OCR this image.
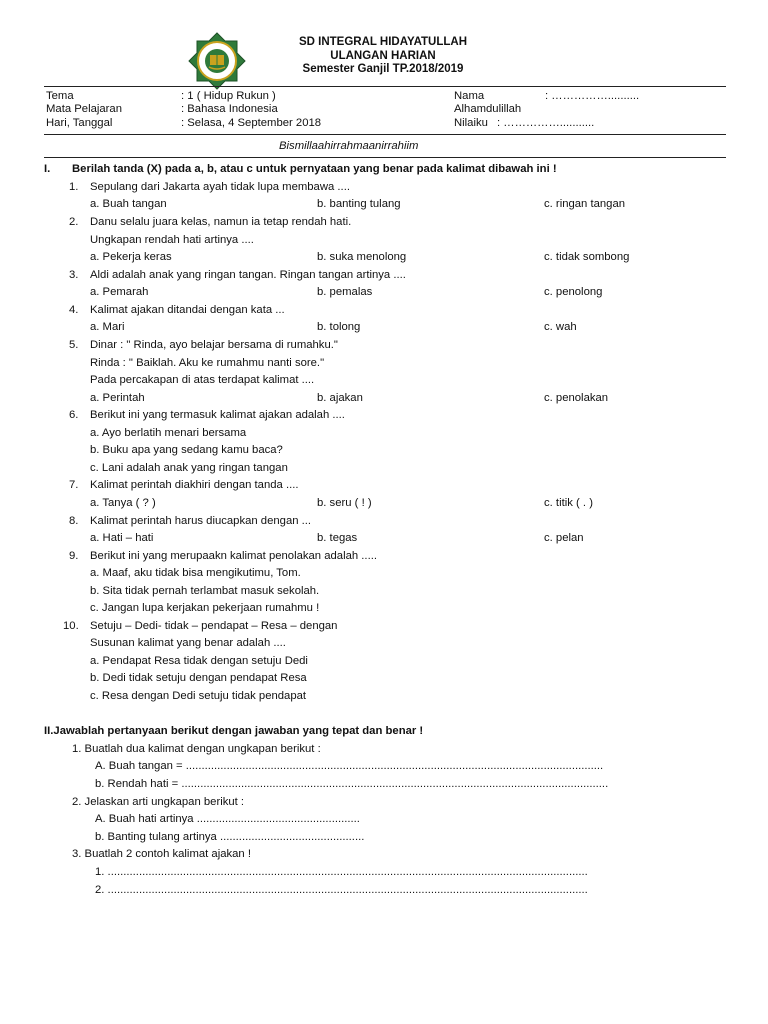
SD INTEGRAL HIDAYATULLAH
ULANGAN HARIAN
Semester Ganjil TP.2018/2019
Tema	: 1 ( Hidup Rukun )
Mata Pelajaran	: Bahasa Indonesia
Hari, Tanggal	: Selasa, 4 September 2018
Nama	: ……………..........
Alhamdulillah
Nilaiku : ……………...........
Bismillaahirrahmaanirrahiim
I. Berilah tanda (X) pada a, b, atau c untuk pernyataan yang benar pada kalimat dibawah ini !
1. Sepulang dari Jakarta ayah tidak lupa membawa ....
a. Buah tangan	b. banting tulang	c. ringan tangan
2. Danu selalu juara kelas, namun ia tetap rendah hati.
Ungkapan rendah hati artinya ....
a. Pekerja keras	b. suka menolong	c. tidak sombong
3. Aldi adalah anak yang ringan tangan. Ringan tangan artinya ....
a. Pemarah	b. pemalas	c. penolong
4. Kalimat ajakan ditandai dengan kata ...
a. Mari	b. tolong	c. wah
5. Dinar : " Rinda, ayo belajar bersama di rumahku."
Rinda : " Baiklah. Aku ke rumahmu nanti sore."
Pada percakapan di atas terdapat kalimat ....
a. Perintah	b. ajakan	c. penolakan
6. Berikut ini yang termasuk kalimat ajakan adalah ....
a. Ayo berlatih menari bersama
b. Buku apa yang sedang kamu baca?
c. Lani adalah anak yang ringan tangan
7. Kalimat perintah diakhiri dengan tanda ....
a. Tanya ( ? )	b. seru ( ! )	c. titik ( . )
8. Kalimat perintah harus diucapkan dengan ...
a. Hati – hati	b. tegas	c. pelan
9. Berikut ini yang merupaakn kalimat penolakan adalah .....
a. Maaf, aku tidak bisa mengikutimu, Tom.
b. Sita tidak pernah terlambat masuk sekolah.
c. Jangan lupa kerjakan pekerjaan rumahmu !
10. Setuju – Dedi- tidak – pendapat – Resa – dengan
Susunan kalimat yang benar adalah ....
a. Pendapat Resa tidak dengan setuju Dedi
b. Dedi tidak setuju dengan pendapat Resa
c. Resa dengan Dedi setuju tidak pendapat
II.Jawablah pertanyaan berikut dengan jawaban yang tepat dan benar !
1. Buatlah dua kalimat dengan ungkapan berikut :
A. Buah tangan = .....................................................................................................................................
b. Rendah hati = ........................................................................................................................................
2. Jelaskan arti ungkapan berikut :
A. Buah hati artinya ....................................................
b. Banting tulang artinya ..............................................
3. Buatlah 2 contoh kalimat ajakan !
1. .........................................................................................................................................................
2. .........................................................................................................................................................
